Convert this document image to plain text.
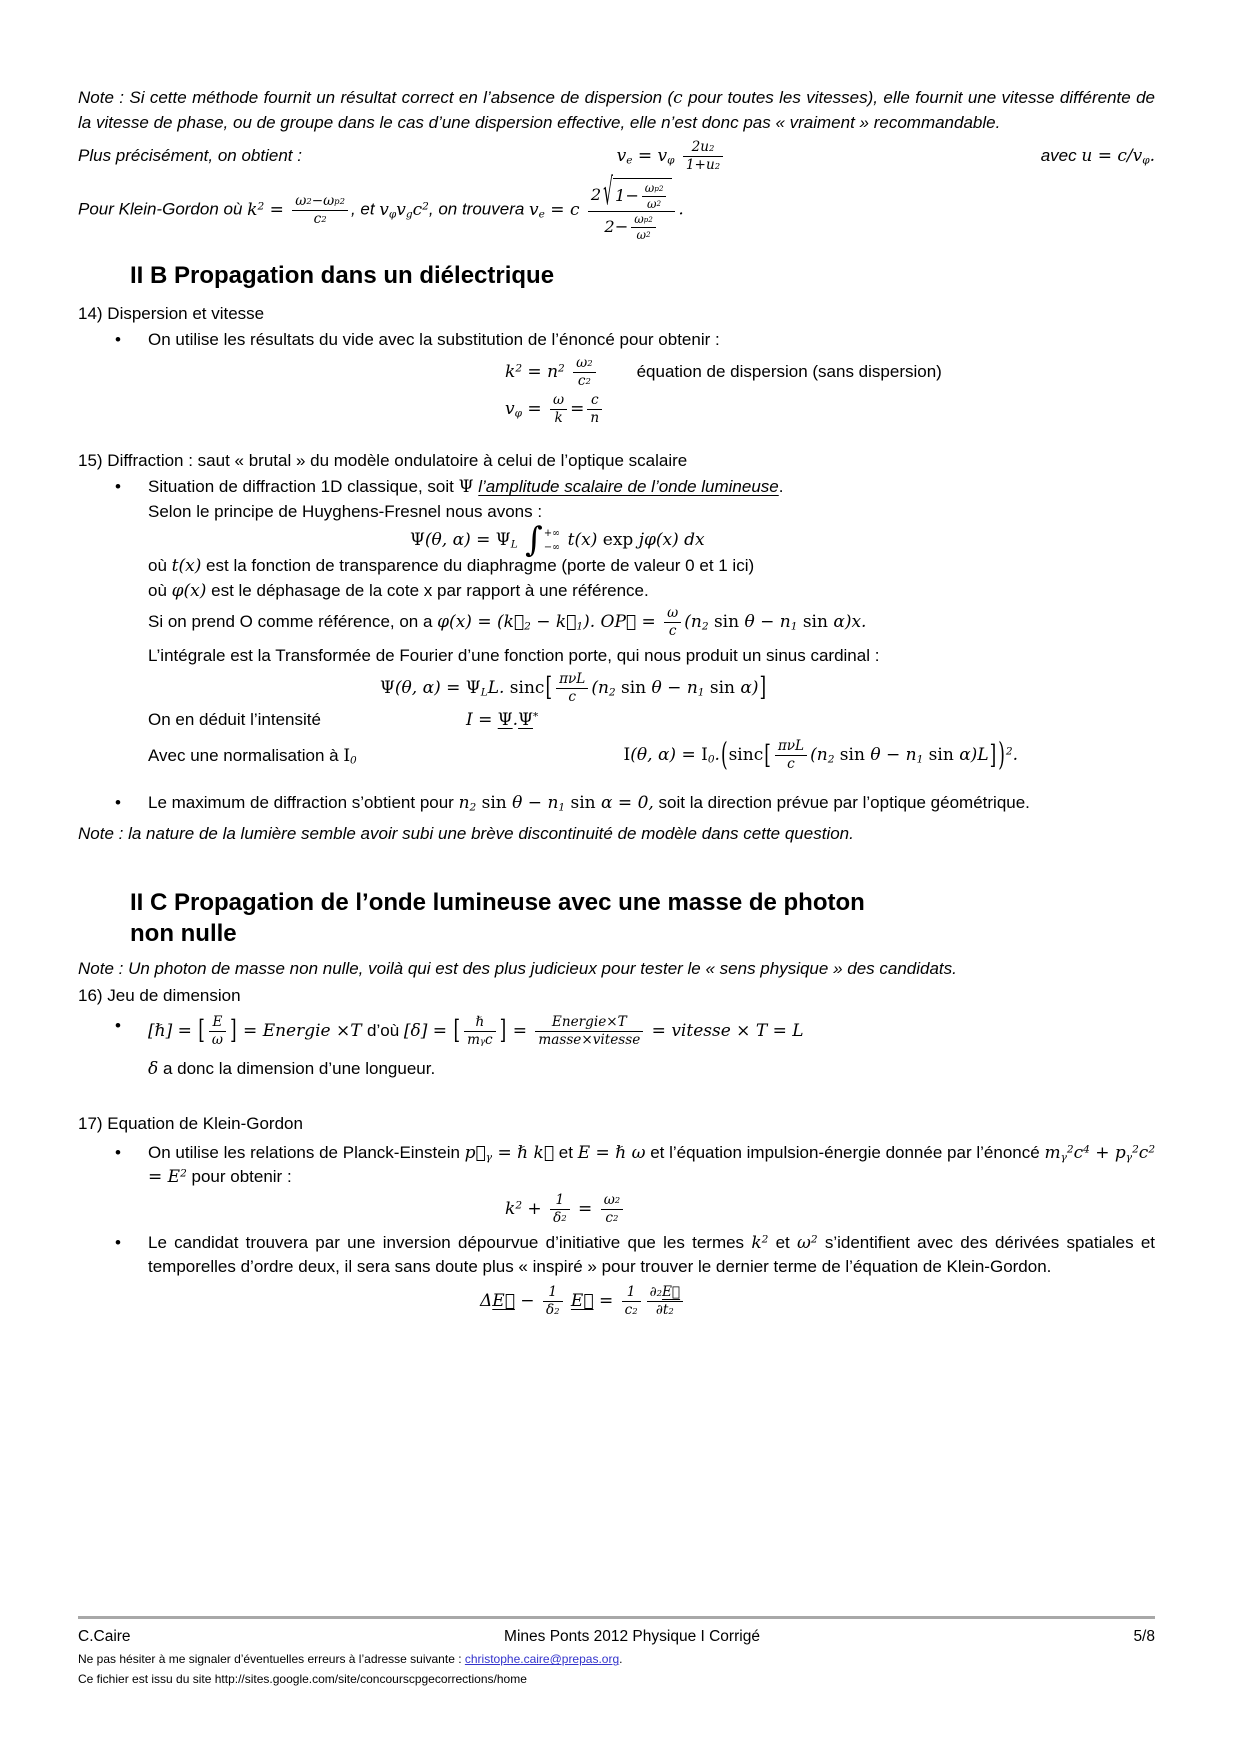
Note : Si cette méthode fournit un résultat correct en l’absence de dispersion (c pour toutes les vitesses), elle fournit une vitesse différente de la vitesse de phase, ou de groupe dans le cas d’une dispersion effective, elle n’est donc pas « vraiment » recommandable.

Plus précisément, on obtient :	$v_e = v_\varphi \frac{2u 2}{1+u 2}$	avec $u = c/v_\varphi$.

Pour Klein-Gordon où $k^2 = \frac{\text{ω 2 −ω p 2}}{c 2}$ , et $v_\varphi v_gc^2$, on trouvera $v_e = c \frac{2 √ 1- \frac{\text{ω p 2}}{\omega 2}}{2- \frac{\text{ω p 2}}{\omega 2}}$ .

II B Propagation dans un diélectrique

14) Dispersion et vitesse

•	On utilise les résultats du vide avec la substitution de l’énoncé pour obtenir :

$k^2 = n^2 \frac{\omega 2}{c 2}$ équation de dispersion (sans dispersion)

$v_\varphi = \frac{\omega}{k} = \frac{c}{n}$

15) Diffraction : saut « brutal » du modèle ondulatoire à celui de l’optique scalaire

•	Situation de diffraction 1D classique, soit Ψ l’amplitude scalaire de l’onde lumineuse.

Selon le principe de Huyghens-Fresnel nous avons :

Ψ(θ, $\alpha) = \Psi_L$ ∫ +∞
−∞ t(x) exp jφ(x) dx

où t(x) est la fonction de transparence du diaphragme (porte de valeur 0 et 1 ici)

où φ(x) est le déphasage de la cote x par rapport à une référence.

Si on prend O comme référence, on a $\varphi(x) = (k⃗_2$ − $k⃗_1$). OP⃗ = $\frac{\omega}{c} (n_2$ $\sin \theta - n_1$ sin α)x.

L’intégrale est la Transformée de Fourier d’une fonction porte, qui nous produit un sinus cardinal :

Ψ(θ, $\alpha) = \Psi_LL$. $\sin c[ \frac{\text{πνL}}{c} (n_2$ $\sin \theta - n_1$ sin α)]

On en déduit l’intensité	I = Ψ.Ψ*

Avec une normalisation à $I_0$	I(θ, $\alpha) = I_0.(\sin c[ \frac{\text{πνL}}{c} (n_2$ $\sin \theta - n_1$ sin α)L] )$^2$.
•	Le maximum de diffraction s’obtient pour $n_2$ $\sin \theta - n_1$ sin α = 0, soit la direction prévue par l’optique géométrique.

Note : la nature de la lumière semble avoir subi une brève discontinuité de modèle dans cette question.

II C Propagation de l’onde lumineuse avec une masse de photon
non nulle

Note : Un photon de masse non nulle, voilà qui est des plus judicieux pour tester le « sens physique » des candidats.

16) Jeu de dimension

•	[ℏ] = [ $\frac{E}{\omega}$ ] = Energie ×T d’où [δ] = [ $\frac{\text{ℏ}}{\text{m γ c}}$ ] = $\frac{\text{Energie×T}}{\text{masse×vitesse}}$ = vitesse × T = L

δ a donc la dimension d’une longueur.

17) Equation de Klein-Gordon

•	On utilise les relations de Planck-Einstein $p⃗_\gamma$ = ℏ k⃗ et E = ℏ ω et l’équation impulsion-énergie donnée par l’énoncé $m_\gamma^2c^4 + p_\gamma^2c^2 = E^2$ pour obtenir :

$k^2 + \frac{1}{\delta 2} = \frac{\omega 2}{c 2}$

•	Le candidat trouvera par une inversion dépourvue d’initiative que les termes $k^2$ et $\omega^2$ s’identifient avec des dérivées spatiales et temporelles d’ordre deux, il sera sans doute plus « inspiré » pour trouver le dernier terme de l’équation de Klein-Gordon.

ΔE⃗ − $\frac{1}{\delta 2}$ E⃗ = $\frac{1}{c 2} \frac{\partial 2 E⃗}{\partial t 2}$

C.Caire	Mines Ponts 2012 Physique I Corrigé	5/8

Ne pas hésiter à me signaler d’éventuelles erreurs à l’adresse suivante : christophe.caire@prepas.org.

Ce fichier est issu du site http://sites.google.com/site/concourscpgecorrections/home
